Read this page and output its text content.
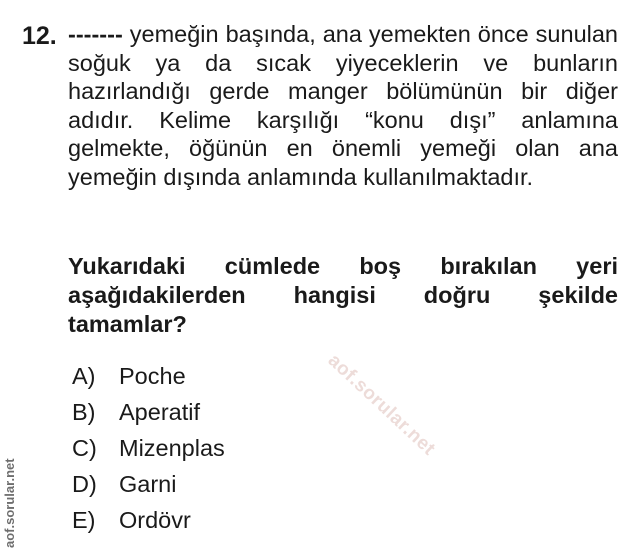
12. ------- yemeğin başında, ana yemekten önce sunulan soğuk ya da sıcak yiyeceklerin ve bunların hazırlandığı gerde manger bölümünün bir diğer adıdır. Kelime karşılığı “konu dışı” anlamına gelmekte, öğünün en önemli yemeği olan ana yemeğin dışında anlamında kullanılmaktadır.
Yukarıdaki cümlede boş bırakılan yeri aşağıdakilerden hangisi doğru şekilde tamamlar?
A)	Poche
B)	Aperatif
C) Mizenplas
D) Garni
E)	Ordövr
aof.sorular.net
aof.sorular.net
